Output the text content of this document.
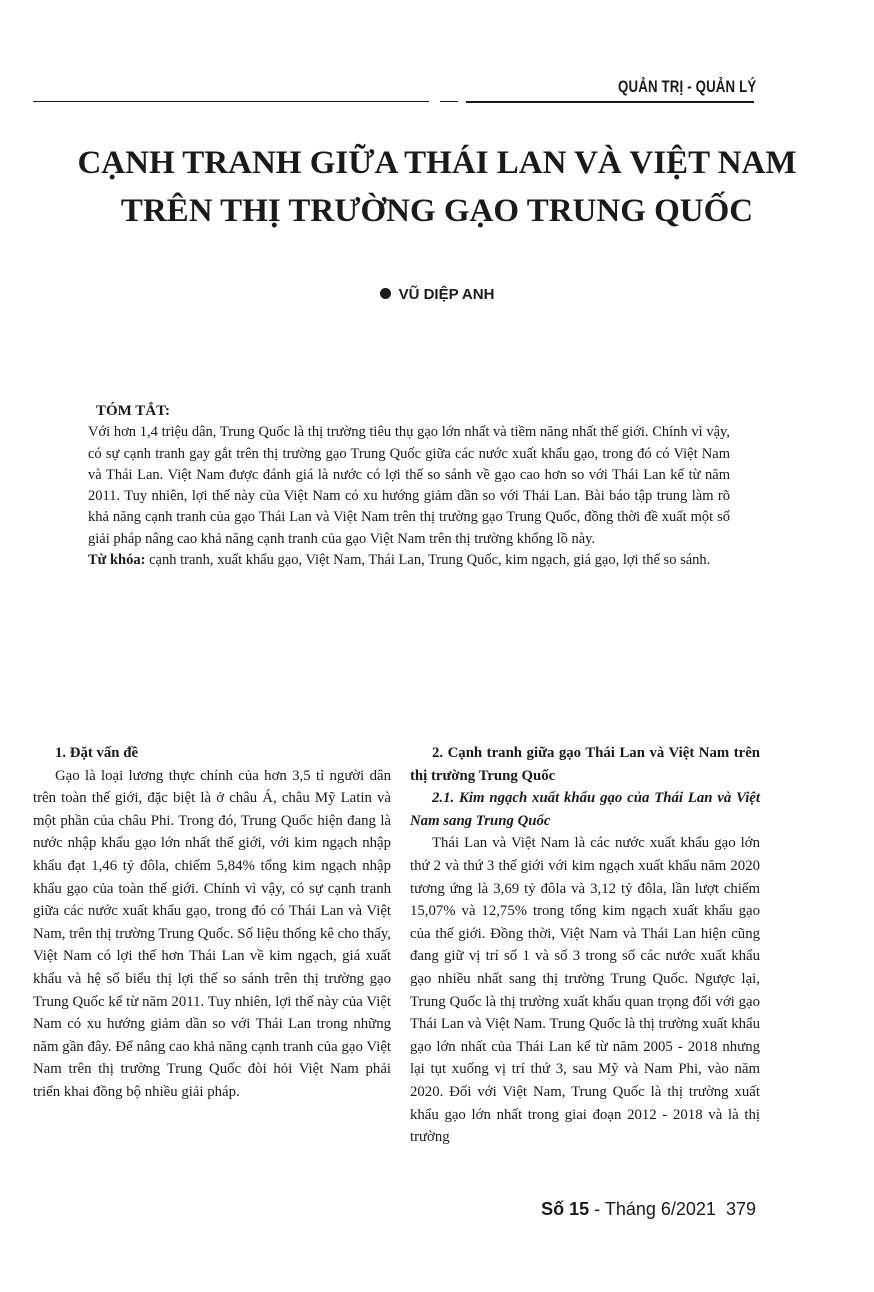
QUẢN TRỊ - QUẢN LÝ
CẠNH TRANH GIỮA THÁI LAN VÀ VIỆT NAM
TRÊN THỊ TRƯỜNG GẠO TRUNG QUỐC
VŨ DIỆP ANH

TÓM TẮT:

Với hơn 1,4 triệu dân, Trung Quốc là thị trường tiêu thụ gạo lớn nhất và tiềm năng nhất thế giới. Chính vì vậy, có sự cạnh tranh gay gắt trên thị trường gạo Trung Quốc giữa các nước xuất khẩu gạo, trong đó có Việt Nam và Thái Lan. Việt Nam được đánh giá là nước có lợi thế so sánh về gạo cao hơn so với Thái Lan kể từ năm 2011. Tuy nhiên, lợi thế này của Việt Nam có xu hướng giảm dần so với Thái Lan. Bài báo tập trung làm rõ khả năng cạnh tranh của gạo Thái Lan và Việt Nam trên thị trường gạo Trung Quốc, đồng thời đề xuất một số giải pháp nâng cao khả năng cạnh tranh của gạo Việt Nam trên thị trường khổng lồ này.

Từ khóa: cạnh tranh, xuất khẩu gạo, Việt Nam, Thái Lan, Trung Quốc, kim ngạch, giá gạo, lợi thế so sánh.

1. Đặt vấn đề

Gạo là loại lương thực chính của hơn 3,5 tỉ người dân trên toàn thế giới, đặc biệt là ở châu Á, châu Mỹ Latin và một phần của châu Phi. Trong đó, Trung Quốc hiện đang là nước nhập khẩu gạo lớn nhất thế giới, với kim ngạch nhập khẩu đạt 1,46 tỷ đôla, chiếm 5,84% tổng kim ngạch nhập khẩu gạo của toàn thế giới. Chính vì vậy, có sự cạnh tranh giữa các nước xuất khẩu gạo, trong đó có Thái Lan và Việt Nam, trên thị trường Trung Quốc. Số liệu thống kê cho thấy, Việt Nam có lợi thế hơn Thái Lan về kim ngạch, giá xuất khẩu và hệ số biểu thị lợi thế so sánh trên thị trường gạo Trung Quốc kể từ năm 2011. Tuy nhiên, lợi thế này của Việt Nam có xu hướng giảm dần so với Thái Lan trong những năm gần đây. Để nâng cao khả năng cạnh tranh của gạo Việt Nam trên thị trường Trung Quốc đòi hỏi Việt Nam phải triển khai đồng bộ nhiều giải pháp.

2. Cạnh tranh giữa gạo Thái Lan và Việt Nam trên thị trường Trung Quốc

2.1. Kim ngạch xuất khẩu gạo của Thái Lan và Việt Nam sang Trung Quốc

Thái Lan và Việt Nam là các nước xuất khẩu gạo lớn thứ 2 và thứ 3 thế giới với kim ngạch xuất khẩu năm 2020 tương ứng là 3,69 tỷ đôla và 3,12 tỷ đôla, lần lượt chiếm 15,07% và 12,75% trong tổng kim ngạch xuất khẩu gạo của thế giới. Đồng thời, Việt Nam và Thái Lan hiện cũng đang giữ vị trí số 1 và số 3 trong số các nước xuất khẩu gạo nhiều nhất sang thị trường Trung Quốc. Ngược lại, Trung Quốc là thị trường xuất khẩu quan trọng đối với gạo Thái Lan và Việt Nam. Trung Quốc là thị trường xuất khẩu gạo lớn nhất của Thái Lan kể từ năm 2005 - 2018 nhưng lại tụt xuống vị trí thứ 3, sau Mỹ và Nam Phi, vào năm 2020. Đối với Việt Nam, Trung Quốc là thị trường xuất khẩu gạo lớn nhất trong giai đoạn 2012 - 2018 và là thị trường

Số 15 - Tháng 6/2021 379
